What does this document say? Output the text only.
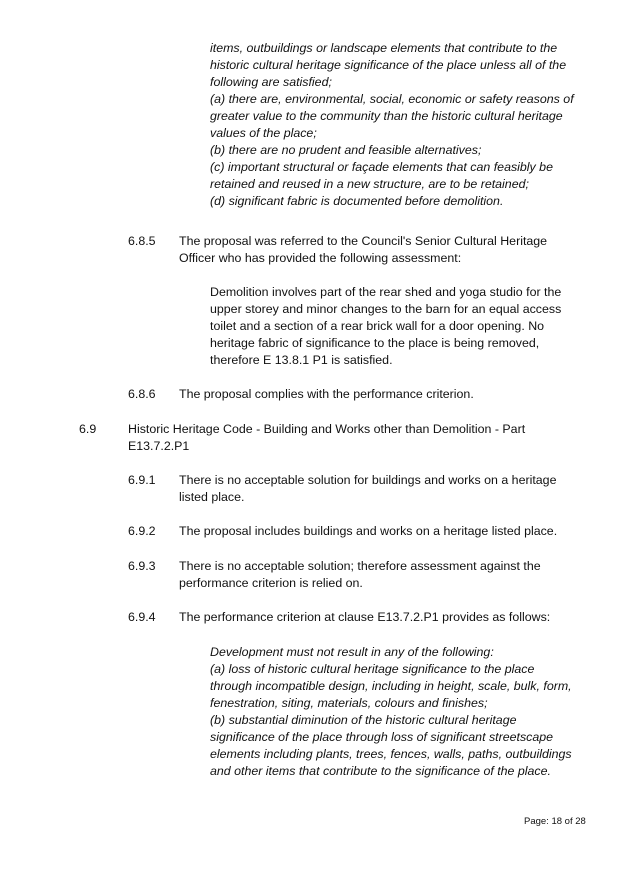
items, outbuildings or landscape elements that contribute to the
historic cultural heritage significance of the place unless all of the
following are satisfied;
(a) there are, environmental, social, economic or safety reasons of
greater value to the community than the historic cultural heritage
values of the place;
(b) there are no prudent and feasible alternatives;
(c) important structural or façade elements that can feasibly be
retained and reused in a new structure, are to be retained;
(d) significant fabric is documented before demolition.
6.8.5 The proposal was referred to the Council's Senior Cultural Heritage
Officer who has provided the following assessment:
Demolition involves part of the rear shed and yoga studio for the
upper storey and minor changes to the barn for an equal access
toilet and a section of a rear brick wall for a door opening. No
heritage fabric of significance to the place is being removed,
therefore E 13.8.1 P1 is satisfied.
6.8.6 The proposal complies with the performance criterion.
6.9	Historic Heritage Code - Building and Works other than Demolition - Part
E13.7.2.P1
6.9.1 There is no acceptable solution for buildings and works on a heritage
listed place.
6.9.2 The proposal includes buildings and works on a heritage listed place.
6.9.3 There is no acceptable solution; therefore assessment against the
performance criterion is relied on.
6.9.4 The performance criterion at clause E13.7.2.P1 provides as follows:
Development must not result in any of the following:
(a) loss of historic cultural heritage significance to the place
through incompatible design, including in height, scale, bulk, form,
fenestration, siting, materials, colours and finishes;
(b) substantial diminution of the historic cultural heritage
significance of the place through loss of significant streetscape
elements including plants, trees, fences, walls, paths, outbuildings
and other items that contribute to the significance of the place.
Page: 18 of 28
